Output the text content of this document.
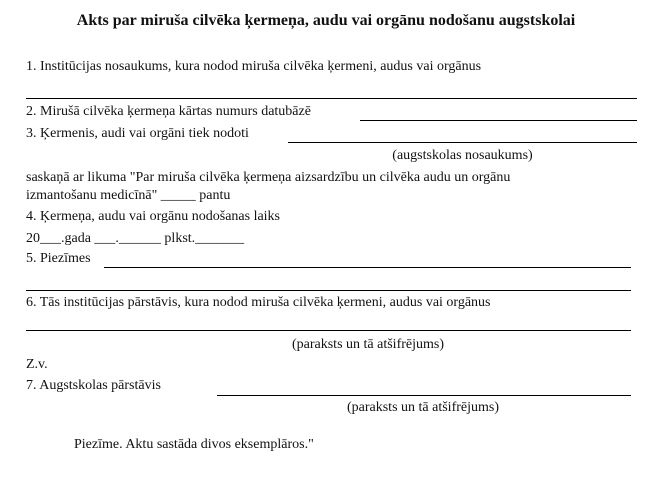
Akts par miruša cilvēka ķermeņa, audu vai orgānu nodošanu augstskolai
1. Institūcijas nosaukums, kura nodod miruša cilvēka ķermeni, audus vai orgānus
2. Mirušā cilvēka ķermeņa kārtas numurs datubāzē
3. Ķermenis, audi vai orgāni tiek nodoti
(augstskolas nosaukums)
saskaņā ar likuma "Par miruša cilvēka ķermeņa aizsardzību un cilvēka audu un orgānu
izmantošanu medicīnā" _____ pantu
4. Ķermeņa, audu vai orgānu nodošanas laiks
20___.gada ___.______ plkst._______
5. Piezīmes
6. Tās institūcijas pārstāvis, kura nodod miruša cilvēka ķermeni, audus vai orgānus
(paraksts un tā atšifrējums)
Z.v.
7. Augstskolas pārstāvis
(paraksts un tā atšifrējums)
Piezīme. Aktu sastāda divos eksemplāros."
